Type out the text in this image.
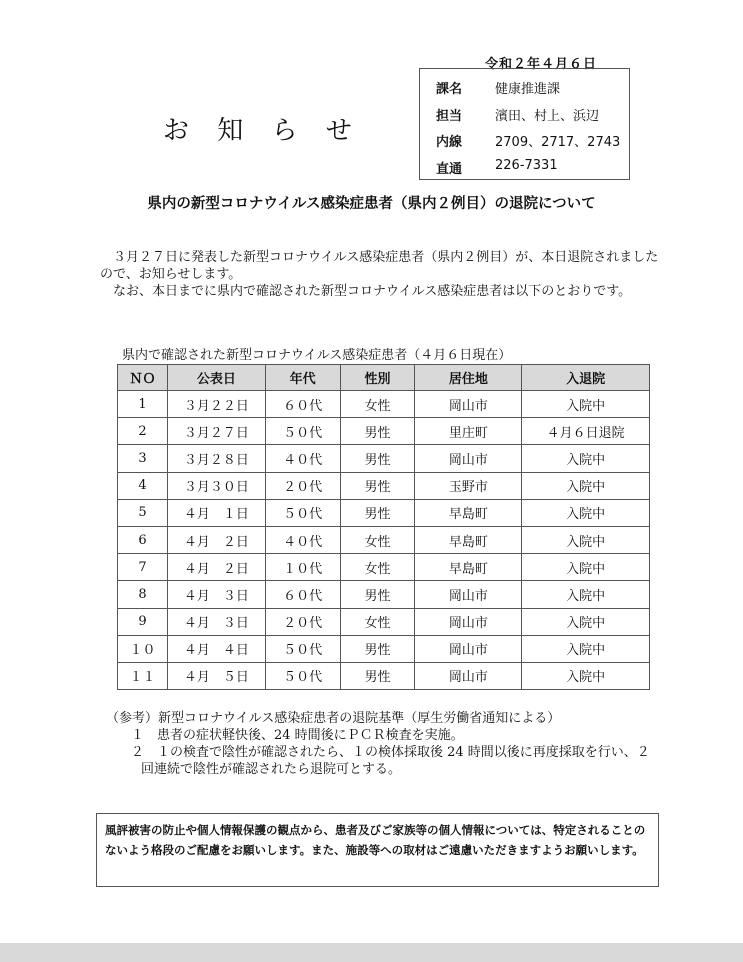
令和２年４月６日
お 知 ら せ
課名	健康推進課
担当	濱田、村上、浜辺
内線	2709、2717、2743
直通	226-7331
県内の新型コロナウイルス感染症患者（県内２例目）の退院について

３月２７日に発表した新型コロナウイルス感染症患者（県内２例目）が、本日退院されましたので、お知らせします。

なお、本日までに県内で確認された新型コロナウイルス感染症患者は以下のとおりです。

県内で確認された新型コロナウイルス感染症患者（４月６日現在）
ＮＯ	公表日	年代	性別	居住地	入退院
1	３月２２日	６０代	女性	岡山市	入院中
2	３月２７日	５０代	男性	里庄町	４月６日退院
3	３月２８日	４０代	男性	岡山市	入院中
4	３月３０日	２０代	男性	玉野市	入院中
5	４月　１日	５０代	男性	早島町	入院中
6	４月　２日	４０代	女性	早島町	入院中
7	４月　２日	１０代	女性	早島町	入院中
8	４月　３日	６０代	男性	岡山市	入院中
9	４月　３日	２０代	女性	岡山市	入院中
１０	４月　４日	５０代	男性	岡山市	入院中
１１	４月　５日	５０代	男性	岡山市	入院中

（参考）新型コロナウイルス感染症患者の退院基準（厚生労働省通知による）

１　患者の症状軽快後、24 時間後にＰＣＲ検査を実施。

２　１の検査で陰性が確認されたら、１の検体採取後 24 時間以後に再度採取を行い、２回連続で陰性が確認されたら退院可とする。

風評被害の防止や個人情報保護の観点から、患者及びご家族等の個人情報については、特定されることのないよう格段のご配慮をお願いします。また、施設等への取材はご遠慮いただきますようお願いします。
